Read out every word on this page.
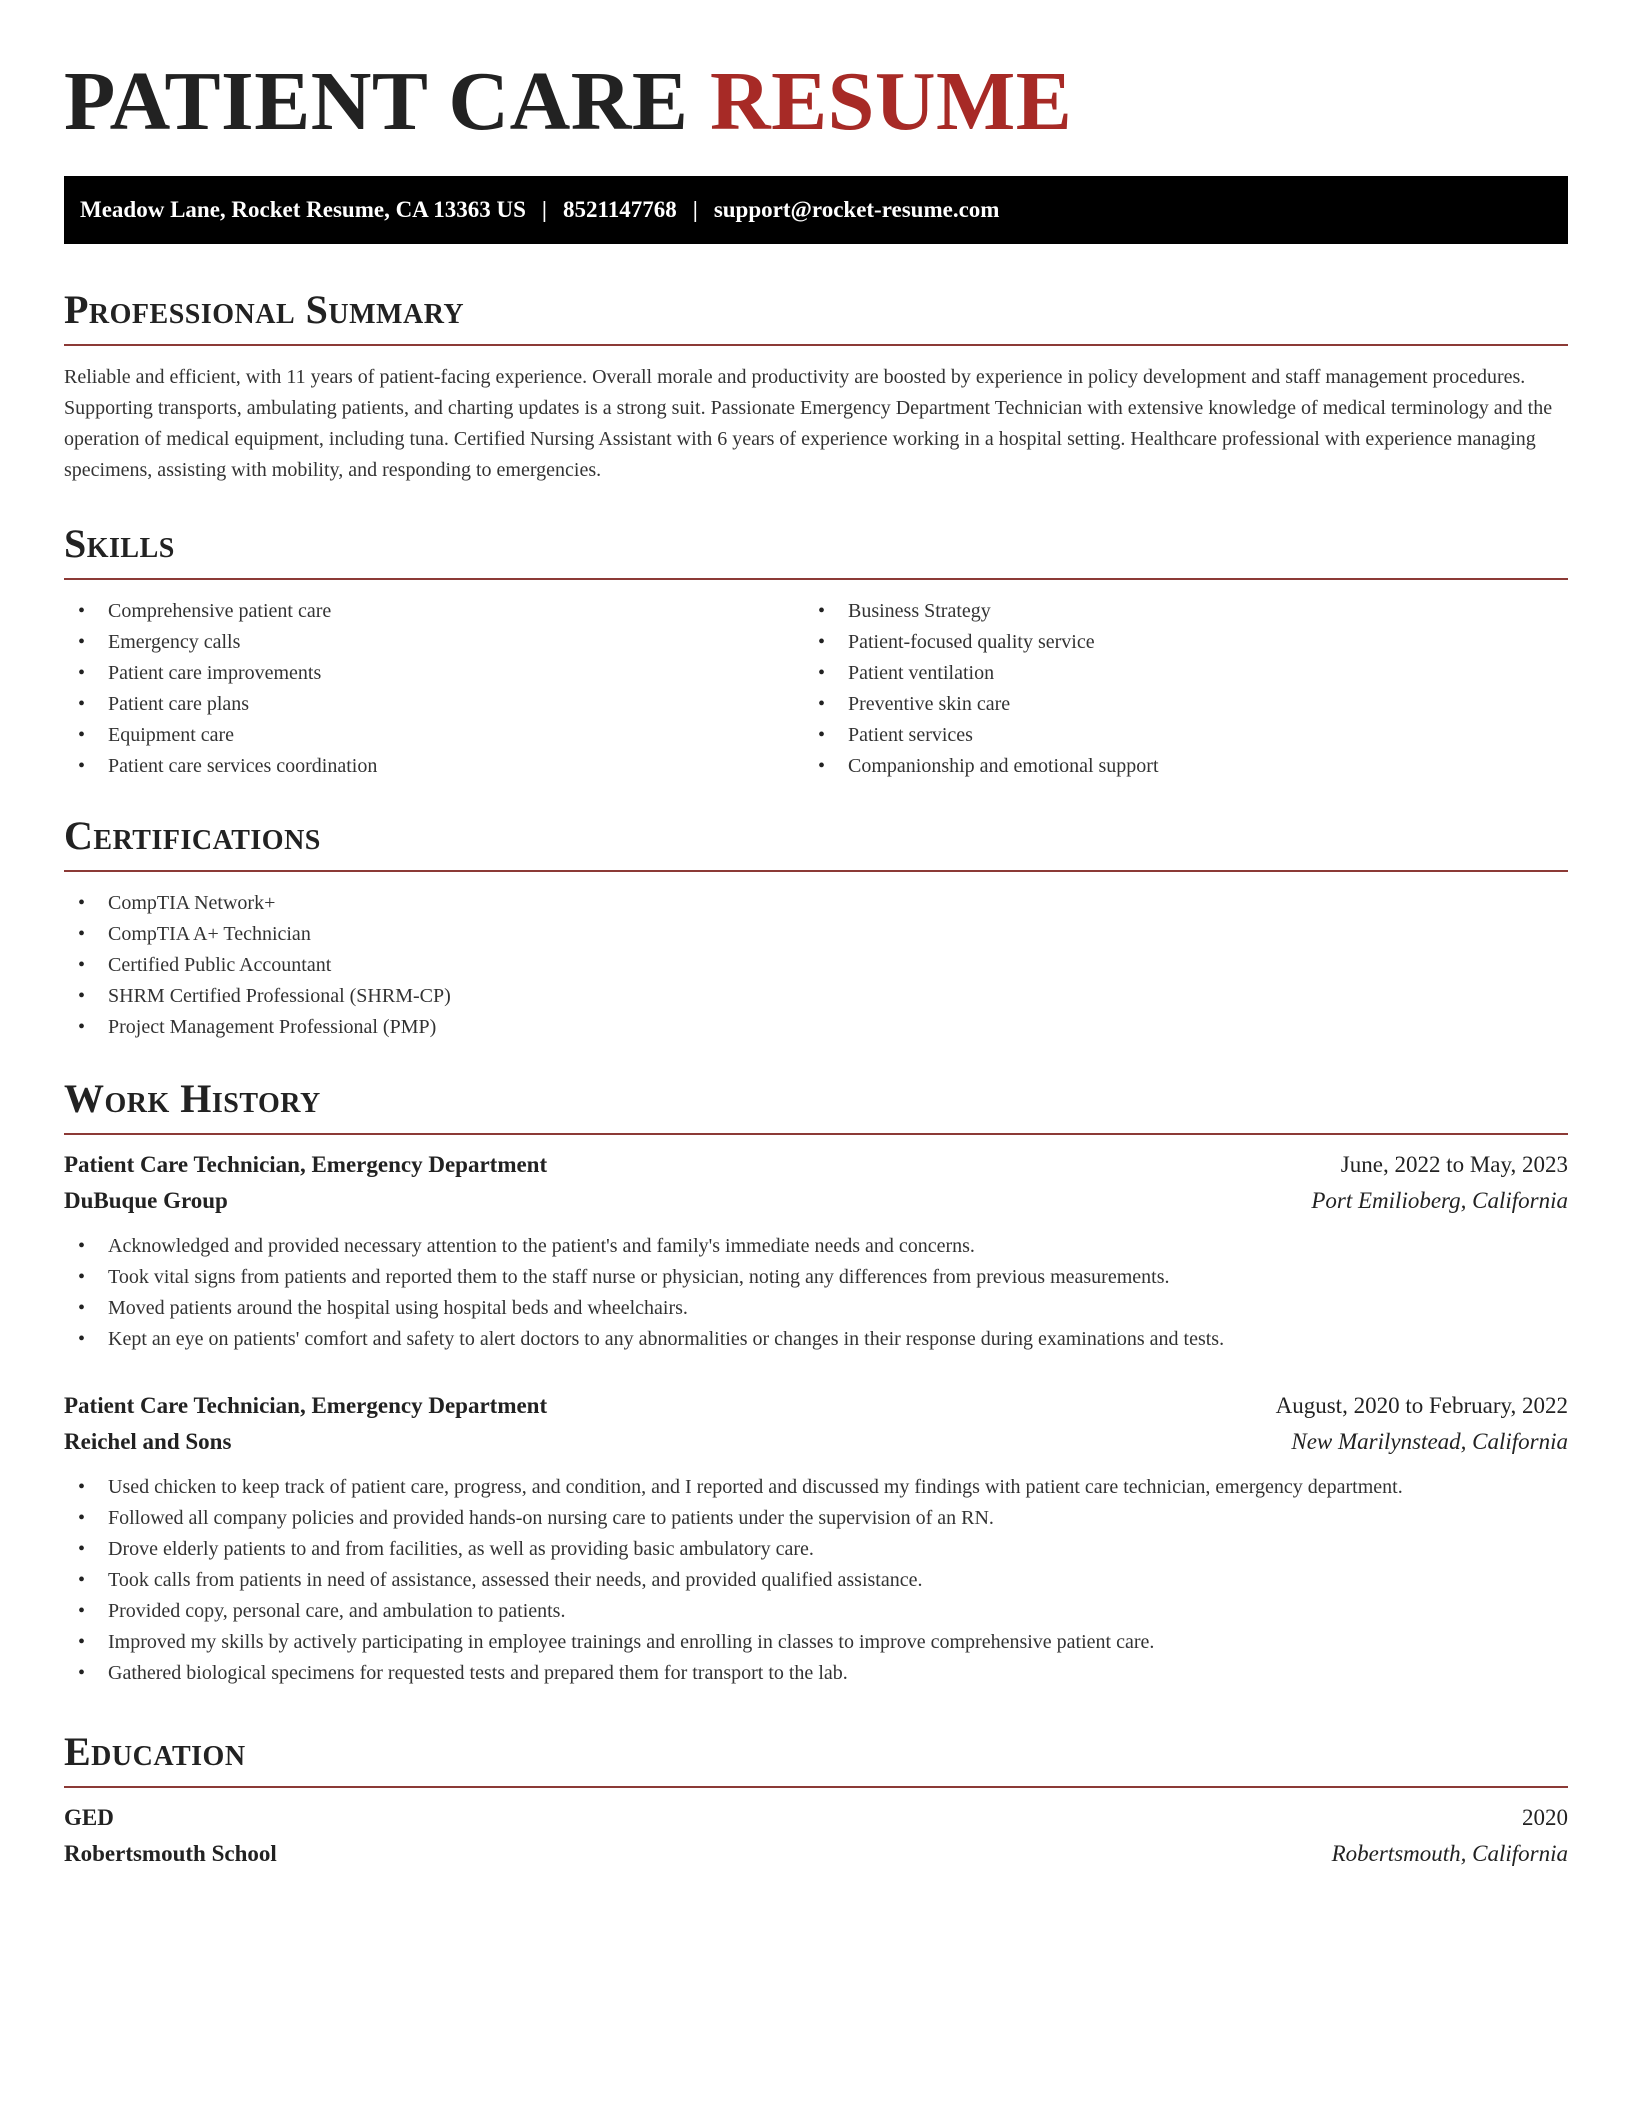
PATIENT CARE RESUME
Meadow Lane, Rocket Resume, CA 13363 US | 8521147768 | support@rocket-resume.com
Professional Summary

Reliable and efficient, with 11 years of patient-facing experience. Overall morale and productivity are boosted by experience in policy development and staff management procedures. Supporting transports, ambulating patients, and charting updates is a strong suit. Passionate Emergency Department Technician with extensive knowledge of medical terminology and the operation of medical equipment, including tuna. Certified Nursing Assistant with 6 years of experience working in a hospital setting. Healthcare professional with experience managing specimens, assisting with mobility, and responding to emergencies.

Skills
• Comprehensive patient care
• Emergency calls
• Patient care improvements
• Patient care plans
• Equipment care
• Patient care services coordination
• Business Strategy
• Patient-focused quality service
• Patient ventilation
• Preventive skin care
• Patient services
• Companionship and emotional support
Certifications
• CompTIA Network+
• CompTIA A+ Technician
• Certified Public Accountant
• SHRM Certified Professional (SHRM-CP)
• Project Management Professional (PMP)
Work History
Patient Care Technician, Emergency Department	June, 2022 to May, 2023
DuBuque Group	Port Emilioberg, California
• Acknowledged and provided necessary attention to the patient's and family's immediate needs and concerns.
• Took vital signs from patients and reported them to the staff nurse or physician, noting any differences from previous measurements.
• Moved patients around the hospital using hospital beds and wheelchairs.
• Kept an eye on patients' comfort and safety to alert doctors to any abnormalities or changes in their response during examinations and tests.
Patient Care Technician, Emergency Department	August, 2020 to February, 2022
Reichel and Sons	New Marilynstead, California
• Used chicken to keep track of patient care, progress, and condition, and I reported and discussed my findings with patient care technician, emergency department.
• Followed all company policies and provided hands-on nursing care to patients under the supervision of an RN.
• Drove elderly patients to and from facilities, as well as providing basic ambulatory care.
• Took calls from patients in need of assistance, assessed their needs, and provided qualified assistance.
• Provided copy, personal care, and ambulation to patients.
• Improved my skills by actively participating in employee trainings and enrolling in classes to improve comprehensive patient care.
• Gathered biological specimens for requested tests and prepared them for transport to the lab.
Education
GED	2020
Robertsmouth School	Robertsmouth, California
